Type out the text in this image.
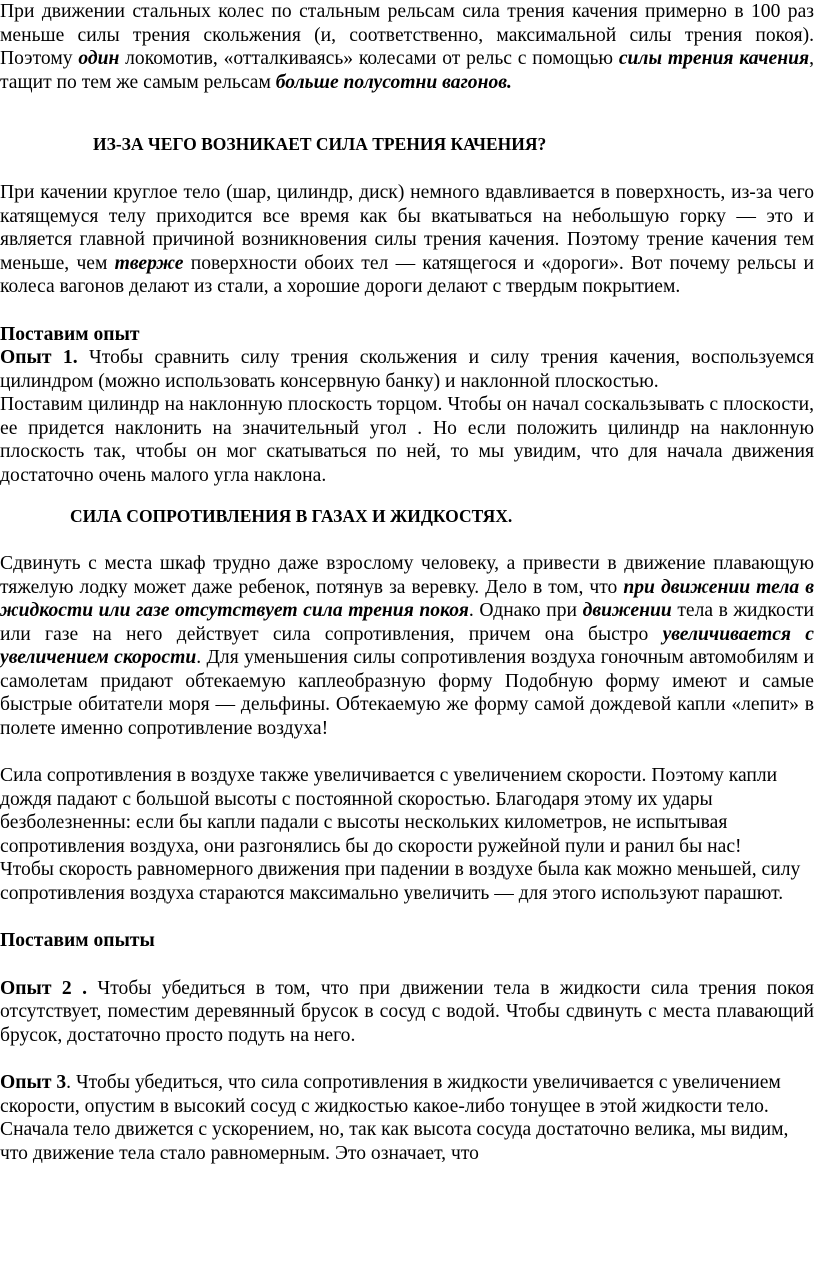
При движении стальных колес по стальным рельсам сила трения качения примерно в 100 раз меньше силы трения скольжения (и, соответственно, максимальной силы трения покоя). Поэтому один локомотив, «отталкиваясь» колесами от рельс с помощью силы трения качения, тащит по тем же самым рельсам больше полусотни вагонов.

ИЗ-ЗА ЧЕГО ВОЗНИКАЕТ СИЛА ТРЕНИЯ КАЧЕНИЯ?

При качении круглое тело (шар, цилиндр, диск) немного вдавливается в поверхность, из-за чего катящемуся телу приходится все время как бы вкатываться на небольшую горку — это и является главной причиной возникновения силы трения качения. Поэтому трение качения тем меньше, чем тверже поверхности обоих тел — катящегося и «дороги». Вот почему рельсы и колеса вагонов делают из стали, а хорошие дороги делают с твердым покрытием.

Поставим опыт

Опыт 1. Чтобы сравнить силу трения скольжения и силу трения качения, воспользуемся цилиндром (можно использовать консервную банку) и наклонной плоскостью.

Поставим цилиндр на наклонную плоскость торцом. Чтобы он начал соскальзывать с плоскости, ее придется наклонить на значительный угол . Но если положить цилиндр на наклонную плоскость так, чтобы он мог скатываться по ней, то мы увидим, что для начала движения достаточно очень малого угла наклона.

СИЛА СОПРОТИВЛЕНИЯ В ГАЗАХ И ЖИДКОСТЯХ.

Сдвинуть с места шкаф трудно даже взрослому человеку, а привести в движение плавающую тяжелую лодку может даже ребенок, потянув за веревку. Дело в том, что при движении тела в жидкости или газе отсутствует сила трения покоя. Однако при движении тела в жидкости или газе на него действует сила сопротивления, причем она быстро увеличивается с увеличением скорости. Для уменьшения силы сопротивления воздуха гоночным автомобилям и самолетам придают обтекаемую каплеобразную форму Подобную форму имеют и самые быстрые обитатели моря — дельфины. Обтекаемую же форму самой дождевой капли «лепит» в полете именно сопротивление воздуха!

Сила сопротивления в воздухе также увеличивается с увеличением скорости. Поэтому капли дождя падают с большой высоты с постоянной скоростью. Благодаря этому их удары безболезненны: если бы капли падали с высоты нескольких километров, не испытывая сопротивления воздуха, они разгонялись бы до скорости ружейной пули и ранил бы нас!

Чтобы скорость равномерного движения при падении в воздухе была как можно меньшей, силу сопротивления воздуха стараются максимально увеличить — для этого используют парашют.

Поставим опыты

Опыт 2 . Чтобы убедиться в том, что при движении тела в жидкости сила трения покоя отсутствует, поместим деревянный брусок в сосуд с водой. Чтобы сдвинуть с места плавающий брусок, достаточно просто подуть на него.

Опыт 3. Чтобы убедиться, что сила сопротивления в жидкости увеличивается с увеличением скорости, опустим в высокий сосуд с жидкостью какое-либо тонущее в этой жидкости тело. Сначала тело движется с ускорением, но, так как высота сосуда достаточно велика, мы видим, что движение тела стало равномерным. Это означает, что
